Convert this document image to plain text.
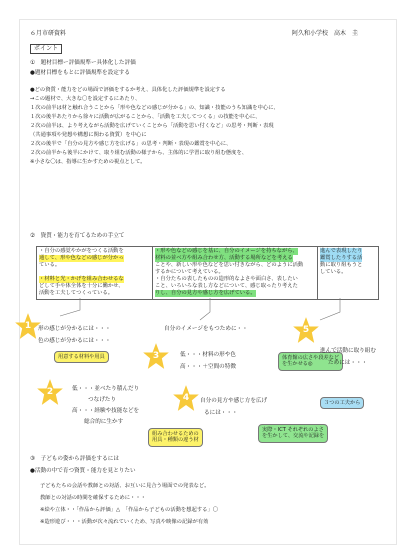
６月市研資料	阿久和小学校　高木　圭
ポイント
①　題材目標ー評価規準ー具体化した評価
●題材目標をもとに評価規準を設定する
●どの資質・能力をどの場面で評価をするか考え、具体化した評価規準を設定する
→この題材で、大きな〇を設定するにあたり、
１次の前半は材と触れ合うことから「形や色などの感じが分かる」の、知識・技能のうち知識を中心に、
１次の後半あたりから徐々に活動が広がることから、「活動を工夫してつくる」の技能を中心に、
２次の前半は、より考えながら活動を広げていくことから「活動を思い付くなど」の思考・判断・表現
（共通事項や発想や構想に関わる資質）を中心に
２次の後半で「自分の見方や感じ方を広げる」の思考・判断・表現の鑑賞を中心に、
２次の前半から後半にかけて、取り組む活動の様子から、主体的に学習に取り組む態度を、
※小さな〇は、指導に生かすための視点として。
②　資質・能力を育てるための手立て
・自分の感覚やかがをつくる活動を
通して、形や色などの感じが分かっ
ている。
・材料と光・かげを組み合わせるな
どして手や体全体を十分に働かせ、
活動を工夫してつくっている。
・形や色などの感じを基に、自分のイメージを持ちながら、
材料の並べ方や組み合わせ方、活動する場所などを考える
ことや、新しい形や色などを思い付きながら、どのように活動
するかについて考えている。
・自分たちの表したものの造形的なよさや面白さ、表したい
こと、いろいろな表し方などについて、感じ取ったり考えた
りし、自分の見方や感じ方を広げている。
進んで表現したり
鑑賞したりする活
動に取り組もうと
している。
1	形の感じが分かるには・・・
色の感じが分かるには・・・
用意する材料や用具
2	低・・・並べたり積んだり
つなげたり
高・・・経験や技能などを
総合的に生かす
組み合わせるための
用具・種類の違う材
3
自分のイメージをもつために・・
低・・・材料の形や色
高・・・＋空間の特徴
体育館の広さや段差など
を生かせる◎
4	自分の見方や感じ方を広げ
るには・・・
実際・ICT それぞれのよさ
を生かして、交流や記録を
5
進んで活動に取り組む
ためには・・・
３つの工夫から
③　子どもの姿から評価をするには
●活動の中で育つ資質・能力を見とりたい
子どもたちの会話や教師との対話、お互いに見合う場面での発表など。
教師との対話の時間を確保するために・・・
※絵や立体・・「作品から評価」△　「作品から子どもの活動を想起する」〇
※造形遊び・・・活動が次々流れていくため、写真や映像の記録が有効
